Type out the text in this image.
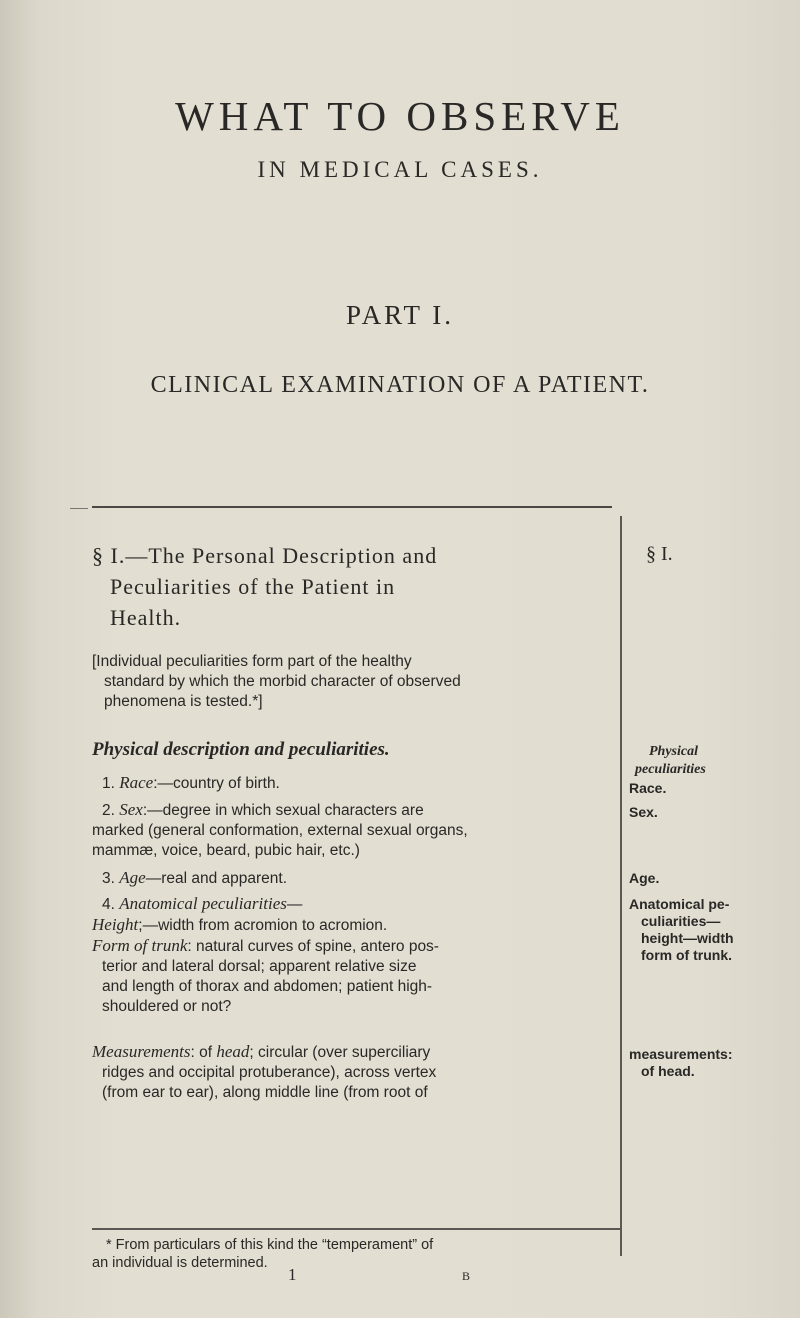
WHAT TO OBSERVE
IN MEDICAL CASES.
PART I.
CLINICAL EXAMINATION OF A PATIENT.
§ I.—The Personal Description and
Peculiarities of the Patient in
Health.
[Individual peculiarities form part of the healthy
standard by which the morbid character of observed
phenomena is tested.*]
Physical description and peculiarities.
1. Race:—country of birth.
2. Sex:—degree in which sexual characters are
marked (general conformation, external sexual organs,
mammæ, voice, beard, pubic hair, etc.)
3. Age—real and apparent.
4. Anatomical peculiarities—
Height;—width from acromion to acromion.
Form of trunk: natural curves of spine, antero pos-
terior and lateral dorsal; apparent relative size
and length of thorax and abdomen; patient high-
shouldered or not?
Measurements: of head; circular (over superciliary
ridges and occipital protuberance), across vertex
(from ear to ear), along middle line (from root of
§ I.
Physical
peculiarities
Race.
Sex.
Age.
Anatomical pe-
culiarities—
height—width
form of trunk.
measurements:
of head.
* From particulars of this kind the “temperament” of
an individual is determined.
1	B
